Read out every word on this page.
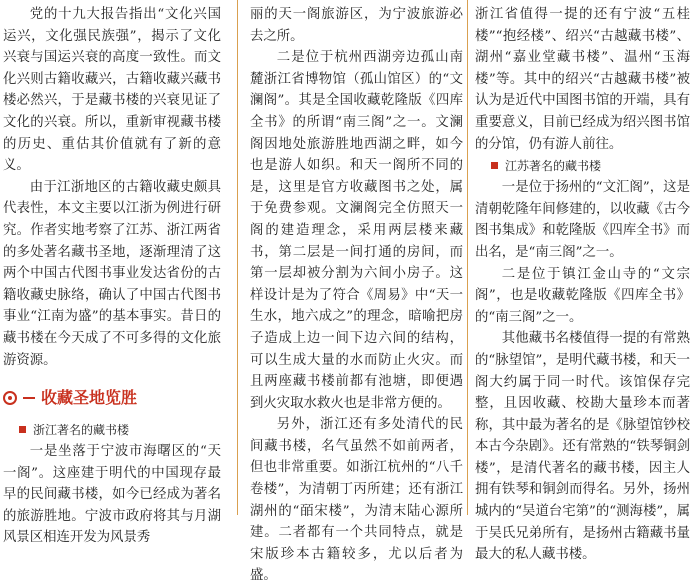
党的十九大报告指出“文化兴国运兴，文化强民族强”，揭示了文化兴衰与国运兴衰的高度一致性。而文化兴则古籍收藏兴，古籍收藏兴藏书楼必然兴，于是藏书楼的兴衰见证了文化的兴衰。所以，重新审视藏书楼的历史、重估其价值就有了新的意义。

由于江浙地区的古籍收藏史颇具代表性，本文主要以江浙为例进行研究。作者实地考察了江苏、浙江两省的多处著名藏书圣地，逐渐理清了这两个中国古代图书事业发达省份的古籍收藏史脉络，确认了中国古代图书事业“江南为盛”的基本事实。昔日的藏书楼在今天成了不可多得的文化旅游资源。

收藏圣地览胜
浙江著名的藏书楼

一是坐落于宁波市海曙区的“天一阁”。这座建于明代的中国现存最早的民间藏书楼，如今已经成为著名的旅游胜地。宁波市政府将其与月湖风景区相连开发为风景秀

丽的天一阁旅游区，为宁波旅游必去之所。

二是位于杭州西湖旁边孤山南麓浙江省博物馆（孤山馆区）的“文澜阁”。其是全国收藏乾隆版《四库全书》的所谓“南三阁”之一。文澜阁因地处旅游胜地西湖之畔，如今也是游人如织。和天一阁所不同的是，这里是官方收藏图书之处，属于免费参观。文澜阁完全仿照天一阁的建造理念，采用两层楼来藏书，第二层是一间打通的房间，而第一层却被分割为六间小房子。这样设计是为了符合《周易》中“天一生水，地六成之”的理念，暗喻把房子造成上边一间下边六间的结构，可以生成大量的水而防止火灾。而且两座藏书楼前都有池塘，即便遇到火灾取水救火也是非常方便的。

另外，浙江还有多处清代的民间藏书楼，名气虽然不如前两者，但也非常重要。如浙江杭州的“八千卷楼”，为清朝丁丙所建；还有浙江湖州的“皕宋楼”，为清末陆心源所建。二者都有一个共同特点，就是宋版珍本古籍较多，尤以后者为盛。

浙江省值得一提的还有宁波“五桂楼”“抱经楼”、绍兴“古越藏书楼”、湖州“嘉业堂藏书楼”、温州“玉海楼”等。其中的绍兴“古越藏书楼”被认为是近代中国图书馆的开端，具有重要意义，目前已经成为绍兴图书馆的分馆，仍有游人前往。

江苏著名的藏书楼

一是位于扬州的“文汇阁”，这是清朝乾隆年间修建的，以收藏《古今图书集成》和乾隆版《四库全书》而出名，是“南三阁”之一。

二是位于镇江金山寺的“文宗阁”，也是收藏乾隆版《四库全书》的“南三阁”之一。

其他藏书名楼值得一提的有常熟的“脉望馆”，是明代藏书楼，和天一阁大约属于同一时代。该馆保存完整，且因收藏、校勘大量珍本而著称，其中最为著名的是《脉望馆钞校本古今杂剧》。还有常熟的“铁琴铜剑楼”，是清代著名的藏书楼，因主人拥有铁琴和铜剑而得名。另外，扬州城内的“吴道台宅第”的“测海楼”，属于吴氏兄弟所有，是扬州古籍藏书量最大的私人藏书楼。
